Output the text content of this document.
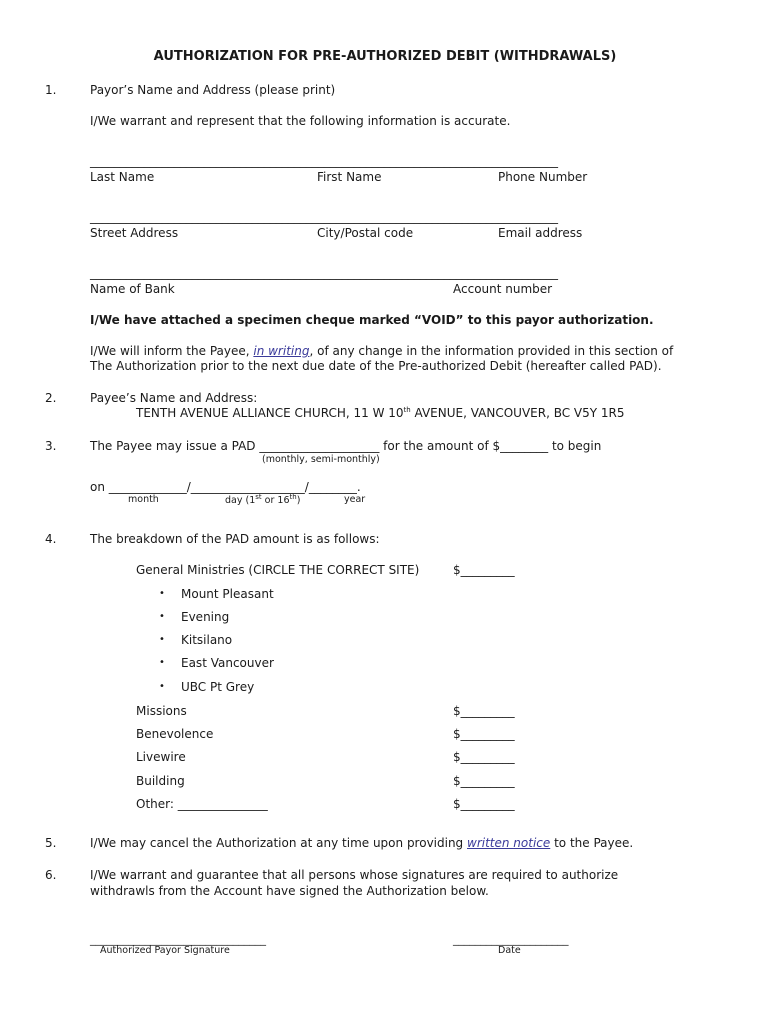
AUTHORIZATION FOR PRE-AUTHORIZED DEBIT (WITHDRAWALS)
1.
2.
3.
4.
5.
6.
Payor’s Name and Address (please print)
I/We warrant and represent that the following information is accurate.
______________________________________________________________________________
Last Name	First Name	Phone Number
______________________________________________________________________________
Street Address	City/Postal code	Email address
______________________________________________________________________________
Name of Bank	Account number
I/We have attached a specimen cheque marked “VOID” to this payor authorization.
I/We will inform the Payee, in writing, of any change in the information provided in this section of
The Authorization prior to the next due date of the Pre-authorized Debit (hereafter called PAD).
Payee’s Name and Address:
TENTH AVENUE ALLIANCE CHURCH, 11 W 10th AVENUE, VANCOUVER, BC V5Y 1R5
The Payee may issue a PAD ____________________ for the amount of $________ to begin
(monthly, semi-monthly)
on _____________/___________________/________.
month	day (1st or 16th)	year
The breakdown of the PAD amount is as follows:
General Ministries (CIRCLE THE CORRECT SITE)	$_________
• Mount Pleasant
• Evening
• Kitsilano
• East Vancouver
• UBC Pt Grey
Missions	$_________
Benevolence	$_________
Livewire	$_________
Building	$_________
Other: _______________	$_________
I/We may cancel the Authorization at any time upon providing written notice to the Payee.
I/We warrant and guarantee that all persons whose signatures are required to authorize
withdrawls from the Account have signed the Authorization below.
________________________________	_____________________
Authorized Payor Signature	Date
